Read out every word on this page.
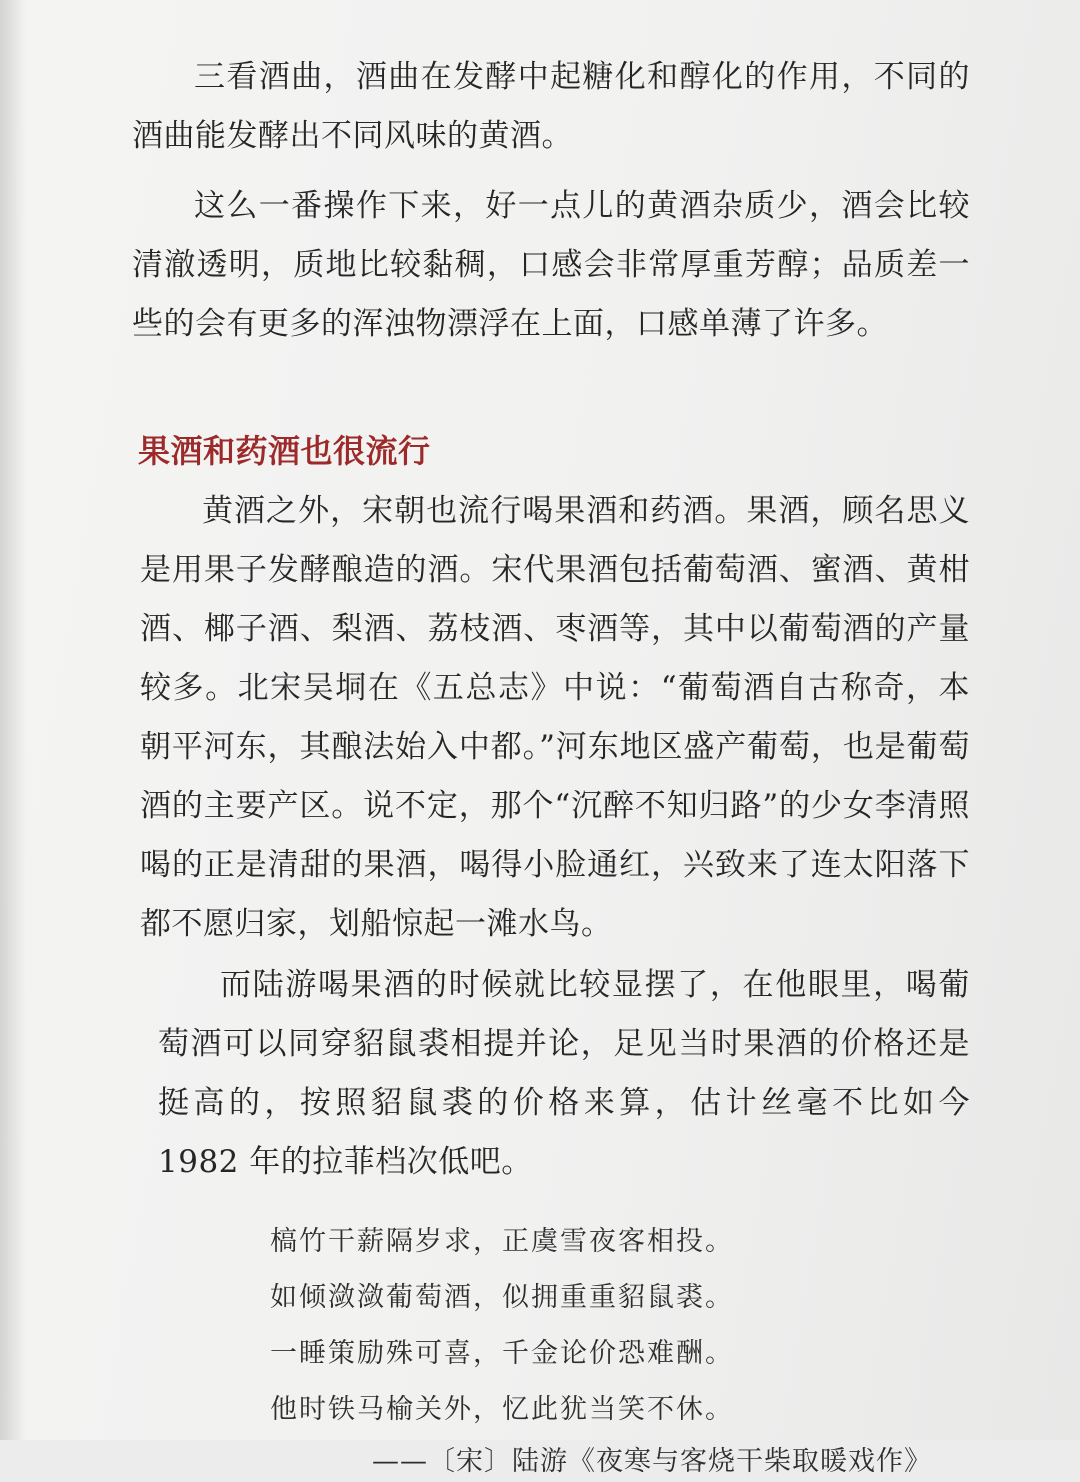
三看酒曲，酒曲在发酵中起糖化和醇化的作用，不同的酒曲能发酵出不同风味的黄酒。

这么一番操作下来，好一点儿的黄酒杂质少，酒会比较清澈透明，质地比较黏稠，口感会非常厚重芳醇；品质差一些的会有更多的浑浊物漂浮在上面，口感单薄了许多。

果酒和药酒也很流行

黄酒之外，宋朝也流行喝果酒和药酒。果酒，顾名思义是用果子发酵酿造的酒。宋代果酒包括葡萄酒、蜜酒、黄柑酒、椰子酒、梨酒、荔枝酒、枣酒等，其中以葡萄酒的产量较多。北宋吴垌在《五总志》中说：“葡萄酒自古称奇，本朝平河东，其酿法始入中都。”河东地区盛产葡萄，也是葡萄酒的主要产区。说不定，那个“沉醉不知归路”的少女李清照喝的正是清甜的果酒，喝得小脸通红，兴致来了连太阳落下都不愿归家，划船惊起一滩水鸟。

而陆游喝果酒的时候就比较显摆了，在他眼里，喝葡萄酒可以同穿貂鼠裘相提并论，足见当时果酒的价格还是挺高的，按照貂鼠裘的价格来算，估计丝毫不比如今 1982 年的拉菲档次低吧。

槁竹干薪隔岁求，正虞雪夜客相投。
如倾潋潋葡萄酒，似拥重重貂鼠裘。
一睡策励殊可喜，千金论价恐难酬。
他时铁马榆关外，忆此犹当笑不休。
——〔宋〕陆游《夜寒与客烧干柴取暖戏作》
